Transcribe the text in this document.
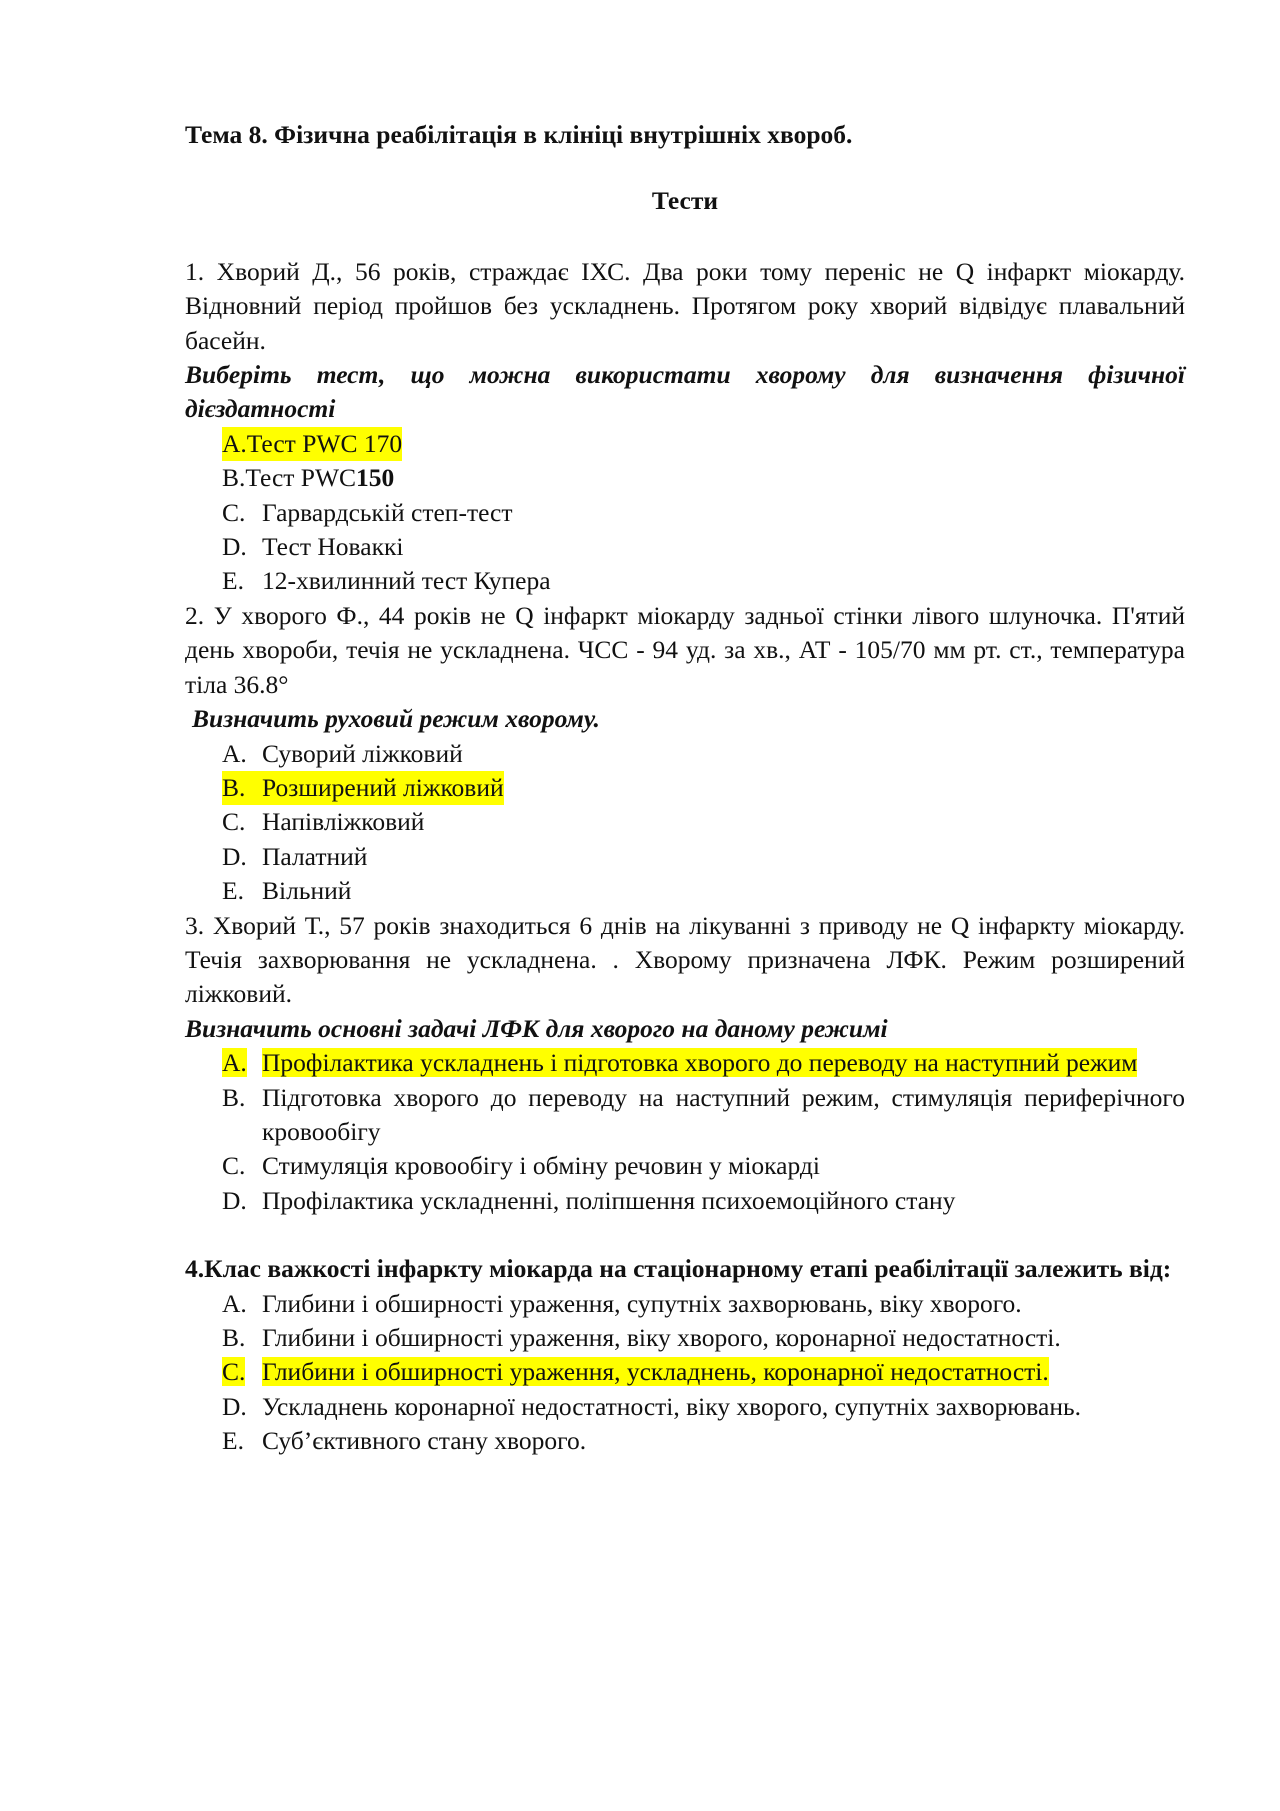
Тема 8. Фізична реабілітація в клініці внутрішніх хвороб.

Тести

1. Хворий Д., 56 років, страждає ІХС. Два роки тому переніс не Q інфаркт міокарду. Відновний період пройшов без ускладнень. Протягом року хворий відвідує плавальний басейн.
Виберіть тест, що можна використати хворому для визначення фізичної дієздатності
A.Тест PWC 170
B. Тест PWC 150
C. Гарвардській степ-тест
D. Тест Новаккі
E. 12-хвилинний тест Купера
2. У хворого Ф., 44 років не Q інфаркт міокарду задньої стінки лівого шлуночка. П'ятий день хвороби, течія не ускладнена. ЧСС - 94 уд. за хв., АТ - 105/70 мм рт. ст., температура тіла 36.8°
Визначить руховий режим хворому.
A. Суворий ліжковий
B. Розширений ліжковий
C. Напівліжковий
D. Палатний
E. Вільний
3. Хворий Т., 57 років знаходиться 6 днів на лікуванні з приводу не Q інфаркту міокарду. Течія захворювання не ускладнена. . Хворому призначена ЛФК. Режим розширений ліжковий.
Визначить основні задачі ЛФК для хворого на даному режимі
A. Профілактика ускладнень і підготовка хворого до переводу на наступний режим
B. Підготовка хворого до переводу на наступний режим, стимуляція периферічного кровообігу
C. Стимуляція кровообігу і обміну речовин у міокарді
D. Профілактика ускладненні, поліпшення психоемоційного стану
4.Клас важкості інфаркту міокарда на стаціонарному етапі реабілітації залежить від:
A. Глибини і обширності ураження, супутніх захворювань, віку хворого.
B. Глибини і обширності ураження, віку хворого, коронарної недостатності.
C. Глибини і обширності ураження, ускладнень, коронарної недостатності.
D. Ускладнень коронарної недостатності, віку хворого, супутніх захворювань.
E. Суб’єктивного стану хворого.
